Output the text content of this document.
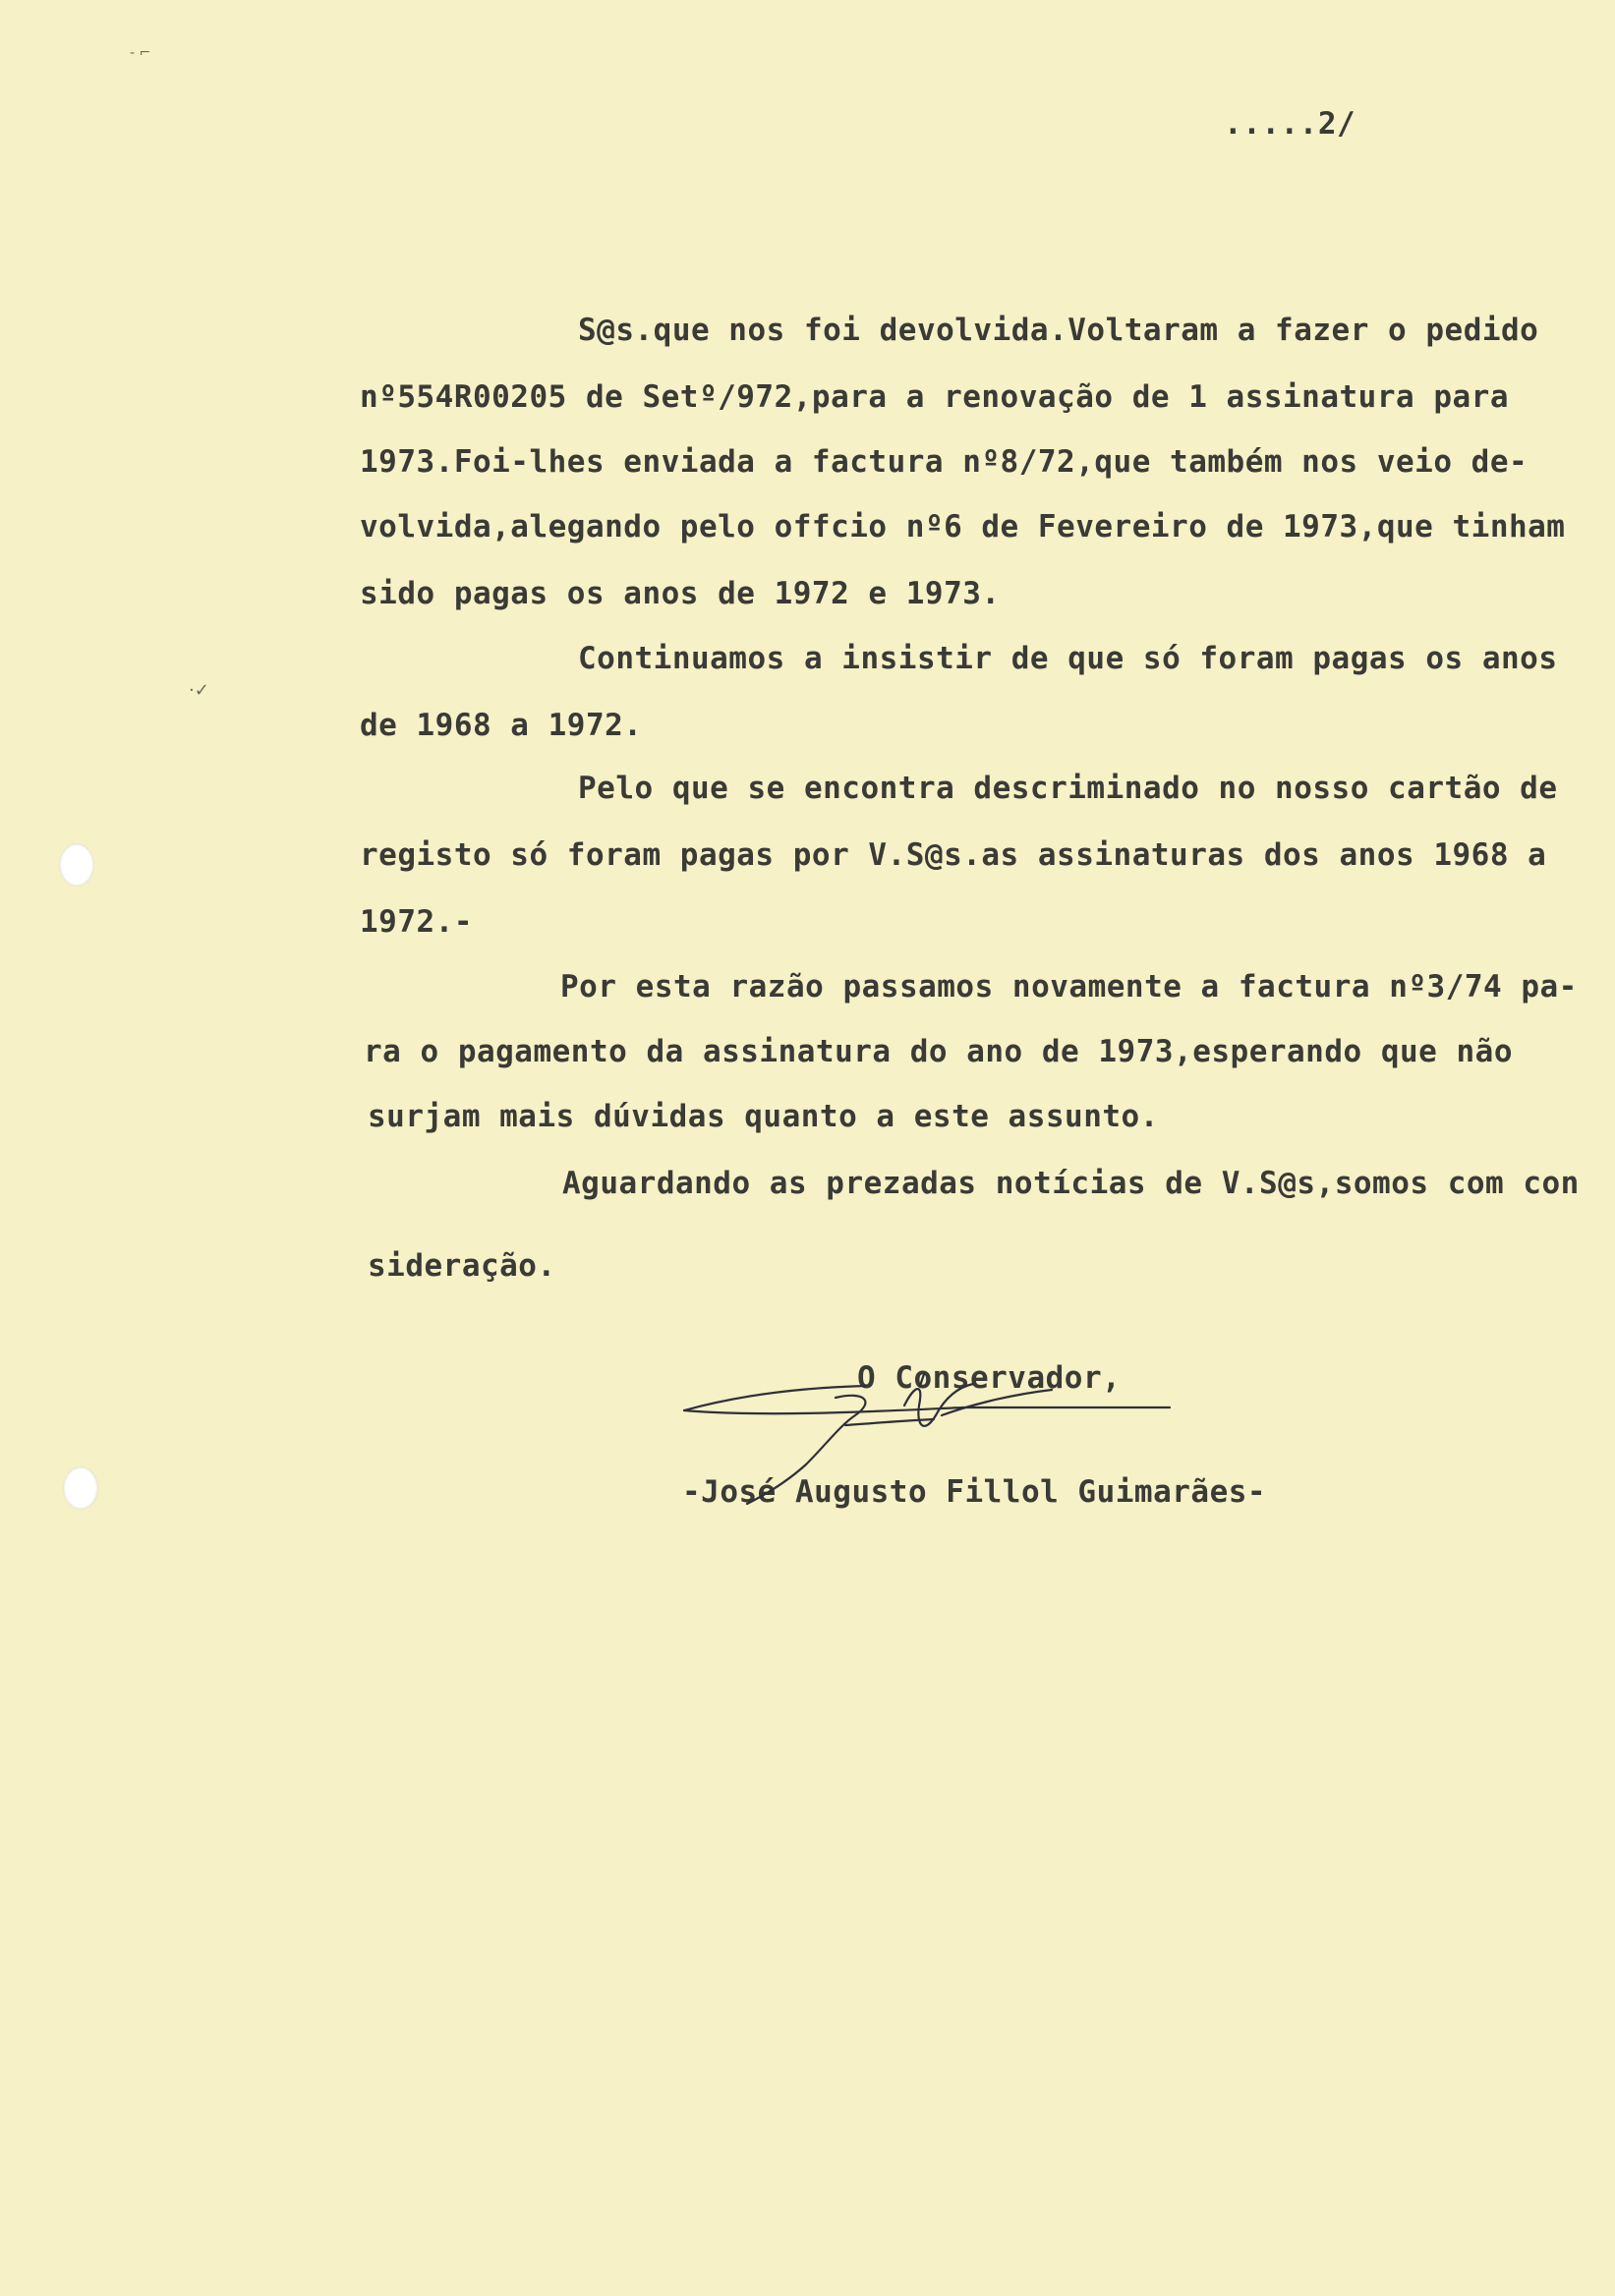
·✓
‑ ⌐
.....2/
S@s.que nos foi devolvida.Voltaram a fazer o pedido
nº554R00205 de Setº/972,para a renovação de 1 assinatura para
1973.Foi-lhes enviada a factura nº8/72,que também nos veio de-
volvida,alegando pelo offcio nº6 de Fevereiro de 1973,que tinham
sido pagas os anos de 1972 e 1973.
Continuamos a insistir de que só foram pagas os anos
de 1968 a 1972.
Pelo que se encontra descriminado no nosso cartão de
registo só foram pagas por V.S@s.as assinaturas dos anos 1968 a
1972.-
Por esta razão passamos novamente a factura nº3/74 pa-
ra o pagamento da assinatura do ano de 1973,esperando que não
surjam mais dúvidas quanto a este assunto.
Aguardando as prezadas notícias de V.S@s,somos com con
sideração.
O Conservador,
-José Augusto Fillol Guimarães-
